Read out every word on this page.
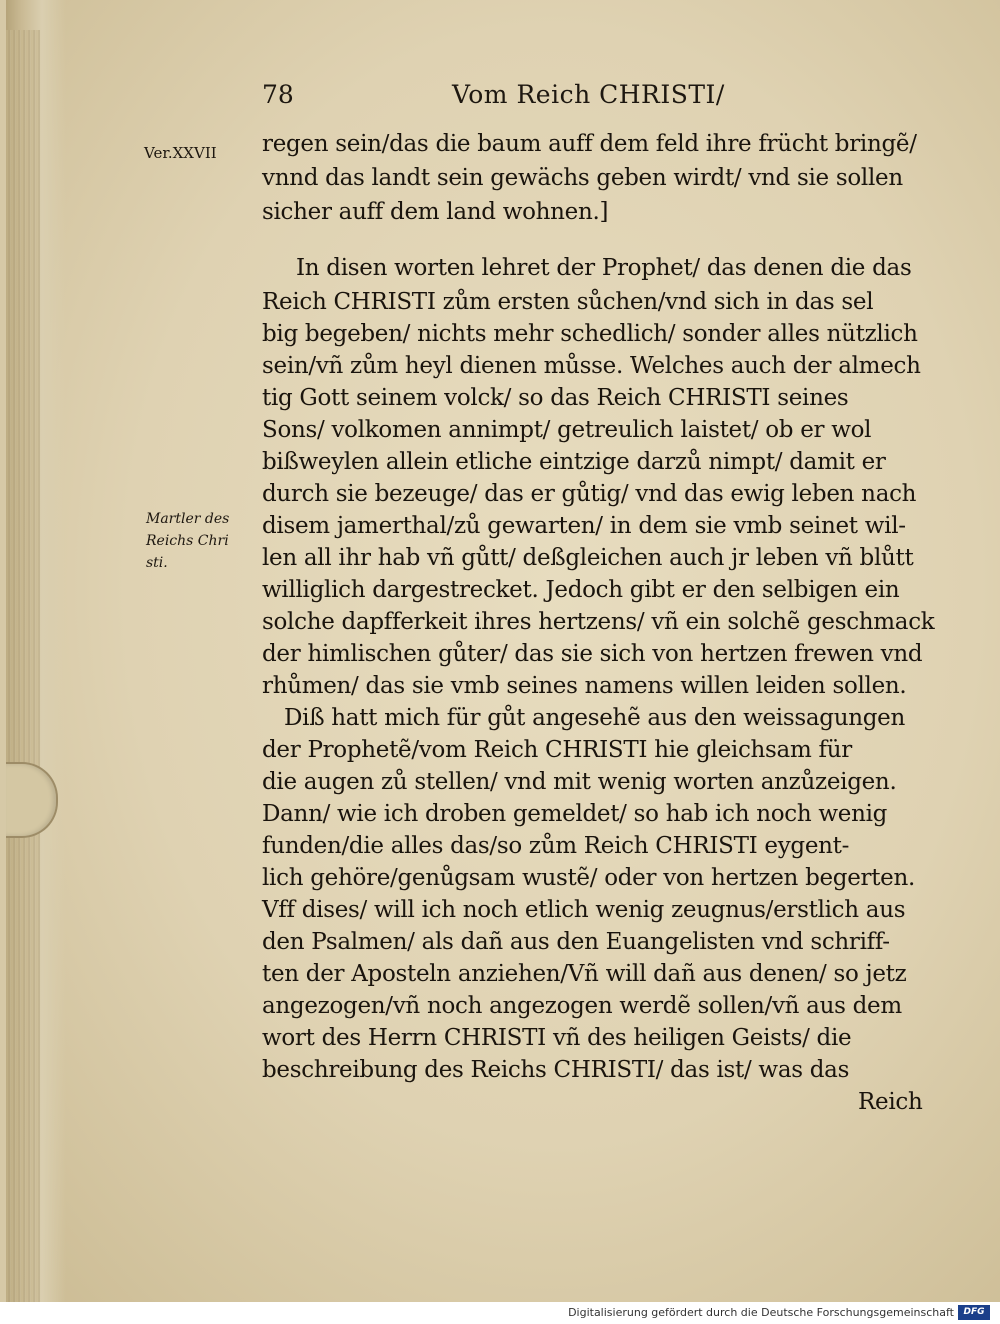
78	Vom Reich CHRISTI/
Ver.XXVII
Martler des
Reichs Chri
sti.
regen sein/das die baum auff dem feld ihre frücht bringẽ/
vnnd das landt sein gewächs geben wirdt/ vnd sie sollen
sicher auff dem land wohnen.]
In disen worten lehret der Prophet/ das denen die das
Reich CHRISTI zům ersten sůchen/vnd sich in das sel
big begeben/ nichts mehr schedlich/ sonder alles nützlich
sein/vñ zům heyl dienen můsse. Welches auch der almech
tig Gott seinem volck/ so das Reich CHRISTI seines
Sons/ volkomen annimpt/ getreulich laistet/ ob er wol
bißweylen allein etliche eintzige darzů nimpt/ damit er
durch sie bezeuge/ das er gůtig/ vnd das ewig leben nach
disem jamerthal/zů gewarten/ in dem sie vmb seinet wil-
len all ihr hab vñ gůtt/ deßgleichen auch jr leben vñ blůtt
williglich dargestrecket. Jedoch gibt er den selbigen ein
solche dapfferkeit ihres hertzens/ vñ ein solchẽ geschmack
der himlischen gůter/ das sie sich von hertzen frewen vnd
rhůmen/ das sie vmb seines namens willen leiden sollen.
Diß hatt mich für gůt angesehẽ aus den weissagungen
der Prophetẽ/vom Reich CHRISTI hie gleichsam für
die augen zů stellen/ vnd mit wenig worten anzůzeigen.
Dann/ wie ich droben gemeldet/ so hab ich noch wenig
funden/die alles das/so zům Reich CHRISTI eygent-
lich gehöre/genůgsam wustẽ/ oder von hertzen begerten.
Vff dises/ will ich noch etlich wenig zeugnus/erstlich aus
den Psalmen/ als dañ aus den Euangelisten vnd schriff-
ten der Aposteln anziehen/Vñ will dañ aus denen/ so jetz
angezogen/vñ noch angezogen werdẽ sollen/vñ aus dem
wort des Herrn CHRISTI vñ des heiligen Geists/ die
beschreibung des Reichs CHRISTI/ das ist/ was das
Reich
Digitalisierung gefördert durch die Deutsche Forschungsgemeinschaft	DFG
